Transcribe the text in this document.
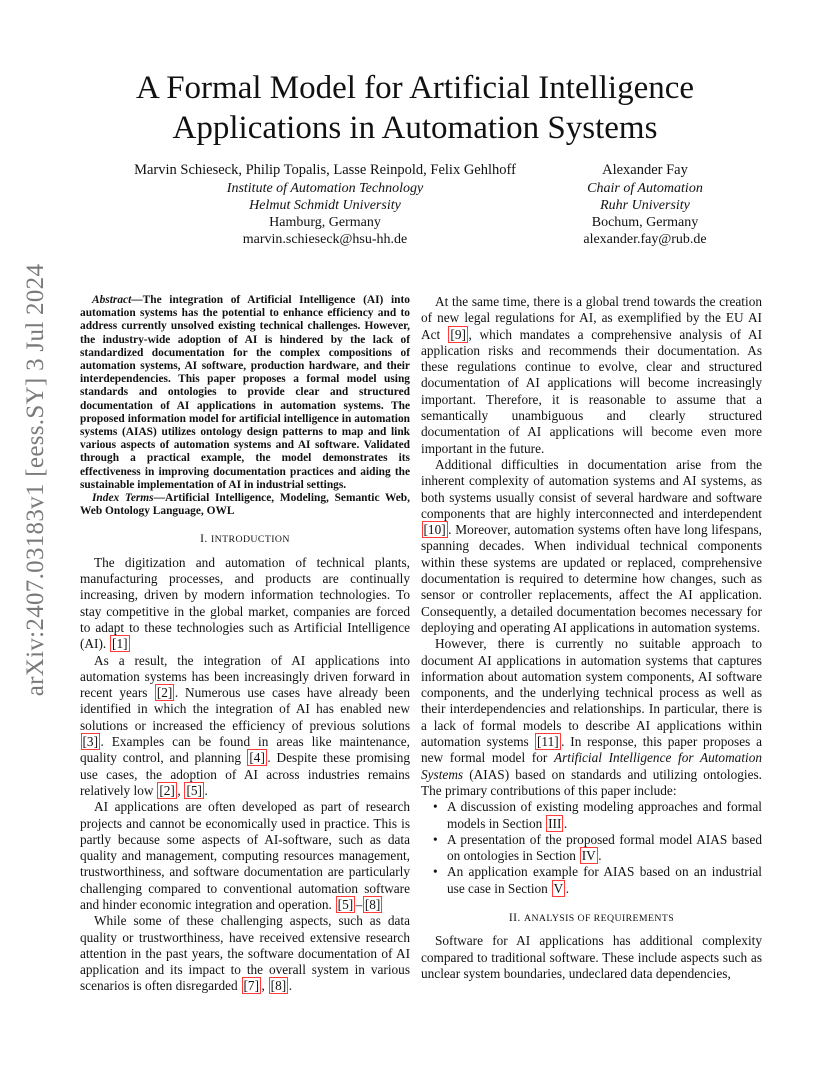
arXiv:2407.03183v1 [eess.SY] 3 Jul 2024
A Formal Model for Artificial Intelligence
Applications in Automation Systems
Marvin Schieseck, Philip Topalis, Lasse Reinpold, Felix Gehlhoff
Institute of Automation Technology
Helmut Schmidt University
Hamburg, Germany
marvin.schieseck@hsu-hh.de
Alexander Fay
Chair of Automation
Ruhr University
Bochum, Germany
alexander.fay@rub.de

Abstract—The integration of Artificial Intelligence (AI) into automation systems has the potential to enhance efficiency and to address currently unsolved existing technical challenges. However, the industry-wide adoption of AI is hindered by the lack of standardized documentation for the complex compositions of automation systems, AI software, production hardware, and their interdependencies. This paper proposes a formal model using standards and ontologies to provide clear and structured documentation of AI applications in automation systems. The proposed information model for artificial intelligence in automation systems (AIAS) utilizes ontology design patterns to map and link various aspects of automation systems and AI software. Validated through a practical example, the model demonstrates its effectiveness in improving documentation practices and aiding the sustainable implementation of AI in industrial settings.

Index Terms—Artificial Intelligence, Modeling, Semantic Web, Web Ontology Language, OWL

I. INTRODUCTION

The digitization and automation of technical plants, manufacturing processes, and products are continually increasing, driven by modern information technologies. To stay competitive in the global market, companies are forced to adapt to these technologies such as Artificial Intelligence (AI). [1]

As a result, the integration of AI applications into automation systems has been increasingly driven forward in recent years [2] . Numerous use cases have already been identified in which the integration of AI has enabled new solutions or increased the efficiency of previous solutions [3] . Examples can be found in areas like maintenance, quality control, and planning [4] . Despite these promising use cases, the adoption of AI across industries remains relatively low [2] , [5] .

AI applications are often developed as part of research projects and cannot be economically used in practice. This is partly because some aspects of AI-software, such as data quality and management, computing resources management, trustworthiness, and software documentation are particularly challenging compared to conventional automation software and hinder economic integration and operation. [5] – [8]

While some of these challenging aspects, such as data quality or trustworthiness, have received extensive research attention in the past years, the software documentation of AI application and its impact to the overall system in various scenarios is often disregarded [7] , [8] .

At the same time, there is a global trend towards the creation of new legal regulations for AI, as exemplified by the EU AI Act [9] , which mandates a comprehensive analysis of AI application risks and recommends their documentation. As these regulations continue to evolve, clear and structured documentation of AI applications will become increasingly important. Therefore, it is reasonable to assume that a semantically unambiguous and clearly structured documentation of AI applications will become even more important in the future.

Additional difficulties in documentation arise from the inherent complexity of automation systems and AI systems, as both systems usually consist of several hardware and software components that are highly interconnected and interdependent [10] . Moreover, automation systems often have long lifespans, spanning decades. When individual technical components within these systems are updated or replaced, comprehensive documentation is required to determine how changes, such as sensor or controller replacements, affect the AI application. Consequently, a detailed documentation becomes necessary for deploying and operating AI applications in automation systems.

However, there is currently no suitable approach to document AI applications in automation systems that captures information about automation system components, AI software components, and the underlying technical process as well as their interdependencies and relationships. In particular, there is a lack of formal models to describe AI applications within automation systems [11] . In response, this paper proposes a new formal model for Artificial Intelligence for Automation Systems (AIAS) based on standards and utilizing ontologies. The primary contributions of this paper include:

• A discussion of existing modeling approaches and formal models in Section III .
• A presentation of the proposed formal model AIAS based on ontologies in Section IV .
• An application example for AIAS based on an industrial use case in Section V .
II. ANALYSIS OF REQUIREMENTS

Software for AI applications has additional complexity compared to traditional software. These include aspects such as unclear system boundaries, undeclared data dependencies,
